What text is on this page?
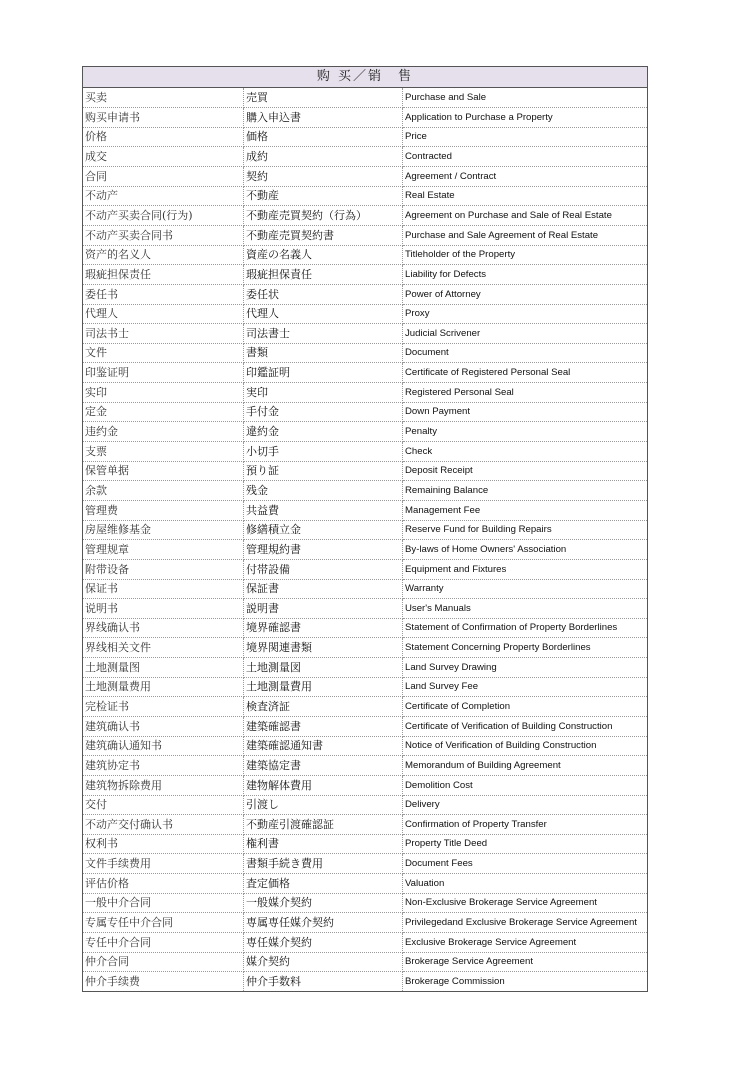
购 买／销　售
买卖	売買	Purchase and Sale
购买申请书	購入申込書	Application to Purchase a Property
价格	価格	Price
成交	成約	Contracted
合同	契約	Agreement / Contract
不动产	不動産	Real Estate
不动产买卖合同(行为)	不動産売買契約（行為）	Agreement on Purchase and Sale of Real Estate
不动产买卖合同书	不動産売買契約書	Purchase and Sale Agreement of Real Estate
资产的名义人	資産の名義人	Titleholder of the Property
瑕疵担保责任	瑕疵担保責任	Liability for Defects
委任书	委任状	Power of Attorney
代理人	代理人	Proxy
司法书士	司法書士	Judicial Scrivener
文件	書類	Document
印鉴证明	印鑑証明	Certificate of Registered Personal Seal
实印	実印	Registered Personal Seal
定金	手付金	Down Payment
违约金	違約金	Penalty
支票	小切手	Check
保管单据	預り証	Deposit Receipt
余款	残金	Remaining Balance
管理费	共益費	Management Fee
房屋维修基金	修繕積立金	Reserve Fund for Building Repairs
管理规章	管理規約書	By-laws of Home Owners' Association
附带设备	付帯設備	Equipment and Fixtures
保证书	保証書	Warranty
说明书	説明書	User's Manuals
界线确认书	境界確認書	Statement of Confirmation of Property Borderlines
界线相关文件	境界関連書類	Statement Concerning Property Borderlines
土地测量图	土地測量図	Land Survey Drawing
土地测量费用	土地測量費用	Land Survey Fee
完检证书	検査済証	Certificate of Completion
建筑确认书	建築確認書	Certificate of Verification of Building Construction
建筑确认通知书	建築確認通知書	Notice of Verification of Building Construction
建筑协定书	建築協定書	Memorandum of Building Agreement
建筑物拆除费用	建物解体費用	Demolition Cost
交付	引渡し	Delivery
不动产交付确认书	不動産引渡確認証	Confirmation of Property Transfer
权利书	権利書	Property Title Deed
文件手续费用	書類手続き費用	Document Fees
评估价格	査定価格	Valuation
一般中介合同	一般媒介契約	Non-Exclusive Brokerage Service Agreement
专属专任中介合同	専属専任媒介契約	Privilegedand Exclusive Brokerage Service Agreement
专任中介合同	専任媒介契約	Exclusive Brokerage Service Agreement
仲介合同	媒介契約	Brokerage Service Agreement
仲介手续费	仲介手数料	Brokerage Commission
